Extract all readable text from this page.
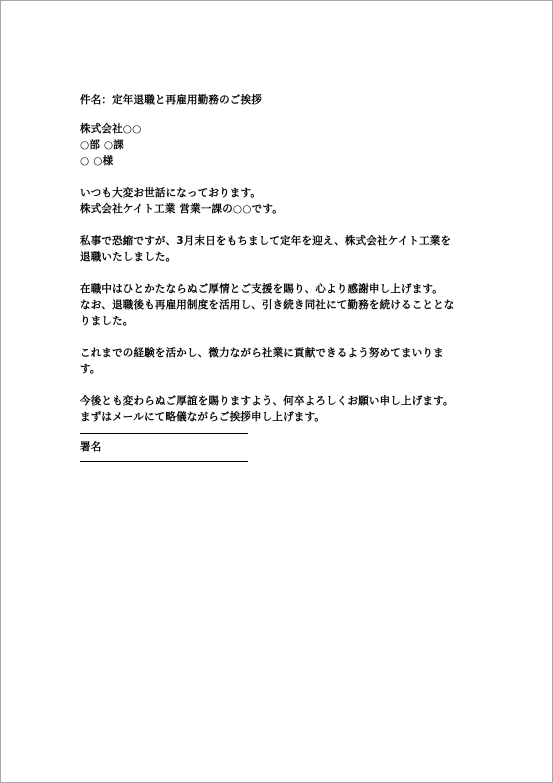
件名：定年退職と再雇用勤務のご挨拶
株式会社○○
○部 ○課
○ ○様
いつも大変お世話になっております。
株式会社ケイト工業 営業一課の○○です。
私事で恐縮ですが、3月末日をもちまして定年を迎え、株式会社ケイト工業を
退職いたしました。
在職中はひとかたならぬご厚情とご支援を賜り、心より感謝申し上げます。
なお、退職後も再雇用制度を活用し、引き続き同社にて勤務を続けることとな
りました。
これまでの経験を活かし、微力ながら社業に貢献できるよう努めてまいりま
す。
今後とも変わらぬご厚誼を賜りますよう、何卒よろしくお願い申し上げます。
まずはメールにて略儀ながらご挨拶申し上げます。
署名
